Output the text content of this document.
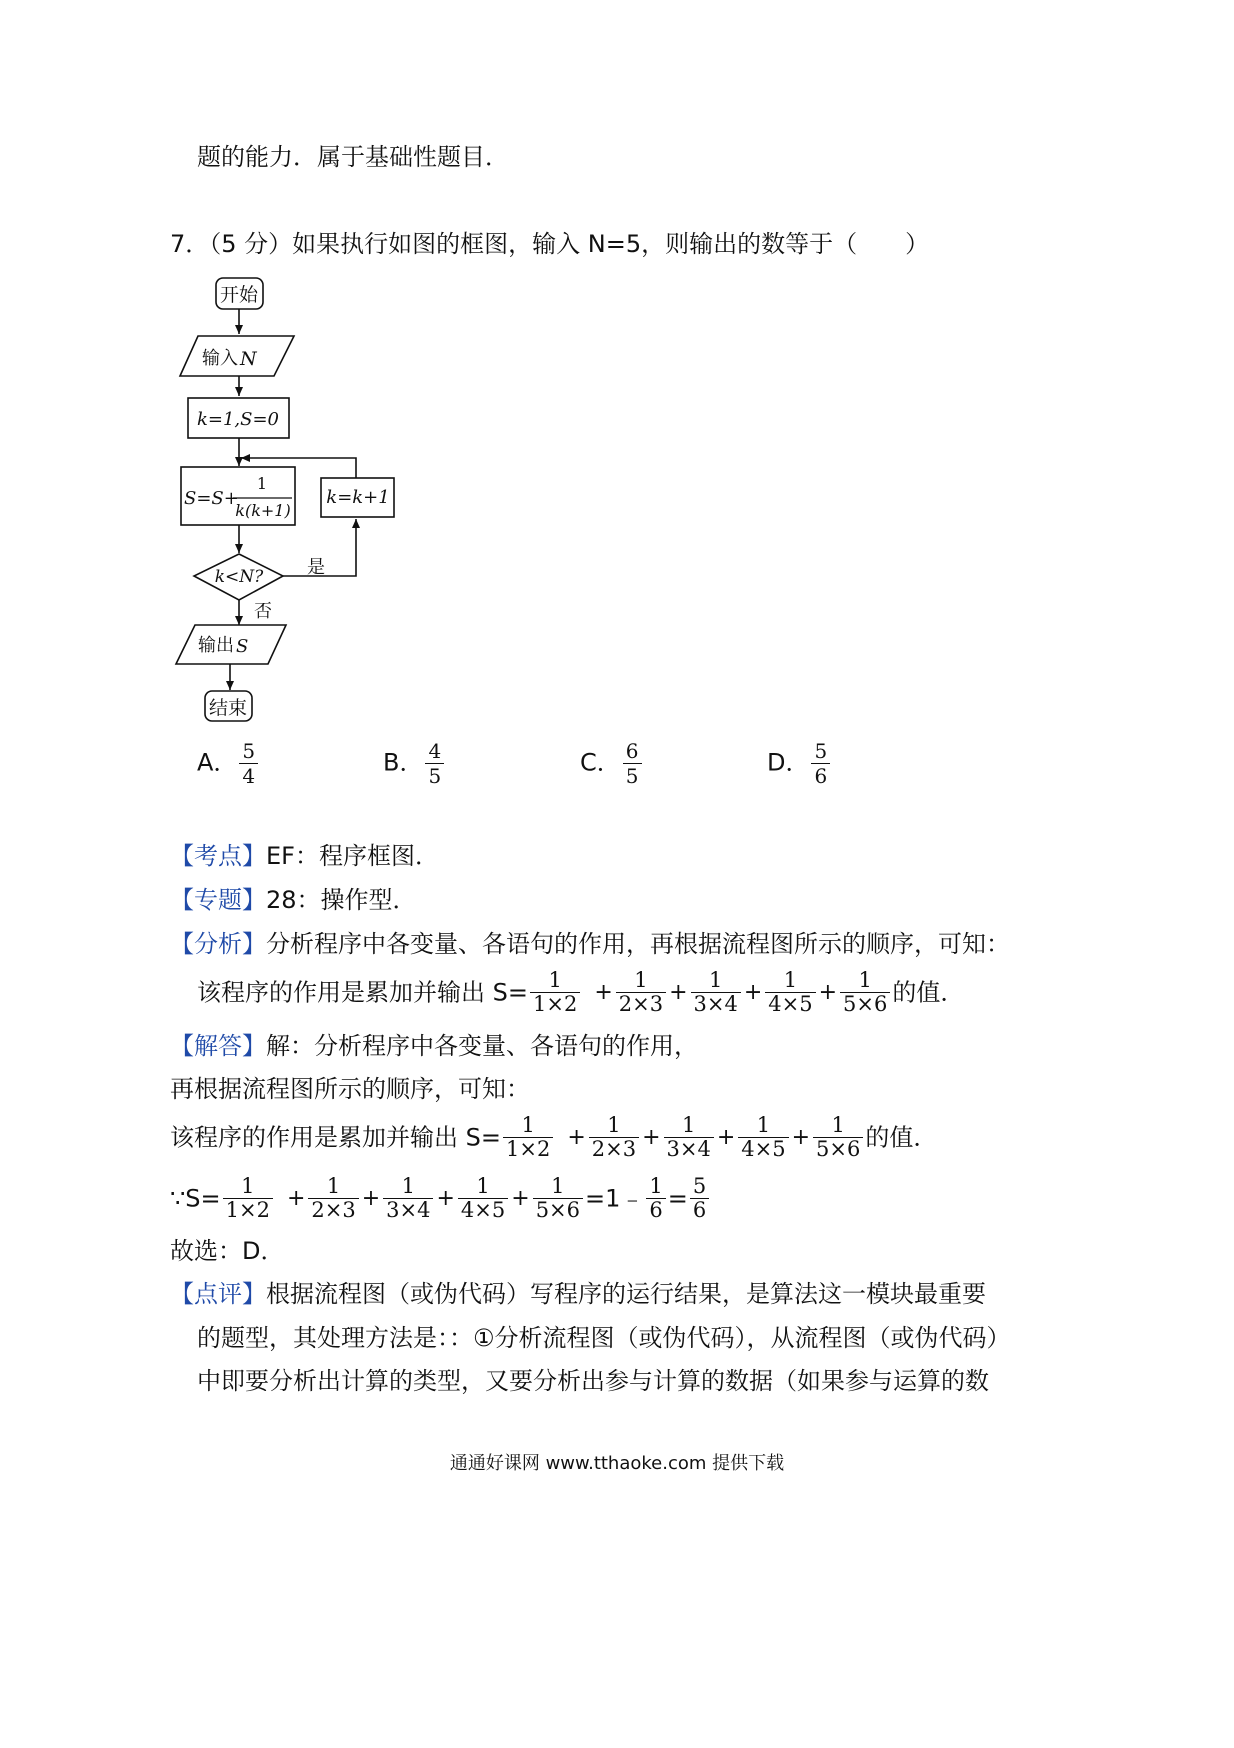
题的能力．属于基础性题目．
7．（5 分）如果执行如图的框图，输入 N=5，则输出的数等于（　　）
开始
输入 N
k=1,S=0
S=S+
1
k(k+1)
k=k+1
k<N? 是
否
输出 S
结束
A． $\frac{5}{4}$	B． $\frac{4}{5}$	C． $\frac{6}{5}$	D． $\frac{5}{6}$
【考点】EF：程序框图．
【专题】28：操作型．
【分析】分析程序中各变量、各语句的作用，再根据流程图所示的顺序，可知：
该程序的作用是累加并输出 $S= \frac{1}{1\times 2} + \frac{1}{2\times 3} + \frac{1}{3\times 4} + \frac{1}{4\times 5} + \frac{1}{5\times 6}$ 的值．
【解答】解：分析程序中各变量、各语句的作用，
再根据流程图所示的顺序，可知：
该程序的作用是累加并输出 $S= \frac{1}{1\times 2} + \frac{1}{2\times 3} + \frac{1}{3\times 4} + \frac{1}{4\times 5} + \frac{1}{5\times 6}$ 的值．
∵S= $\frac{1}{1\times 2} + \frac{1}{2\times 3} + \frac{1}{3\times 4} + \frac{1}{4\times 5} + \frac{1}{5\times 6}$ =1﹣ $\frac{1}{6} = \frac{5}{6}$
故选：D．
【点评】根据流程图（或伪代码）写程序的运行结果，是算法这一模块最重要
的题型，其处理方法是：：①分析流程图（或伪代码），从流程图（或伪代码）
中即要分析出计算的类型，又要分析出参与计算的数据（如果参与运算的数
通通好课网 www.tthaoke.com 提供下载
